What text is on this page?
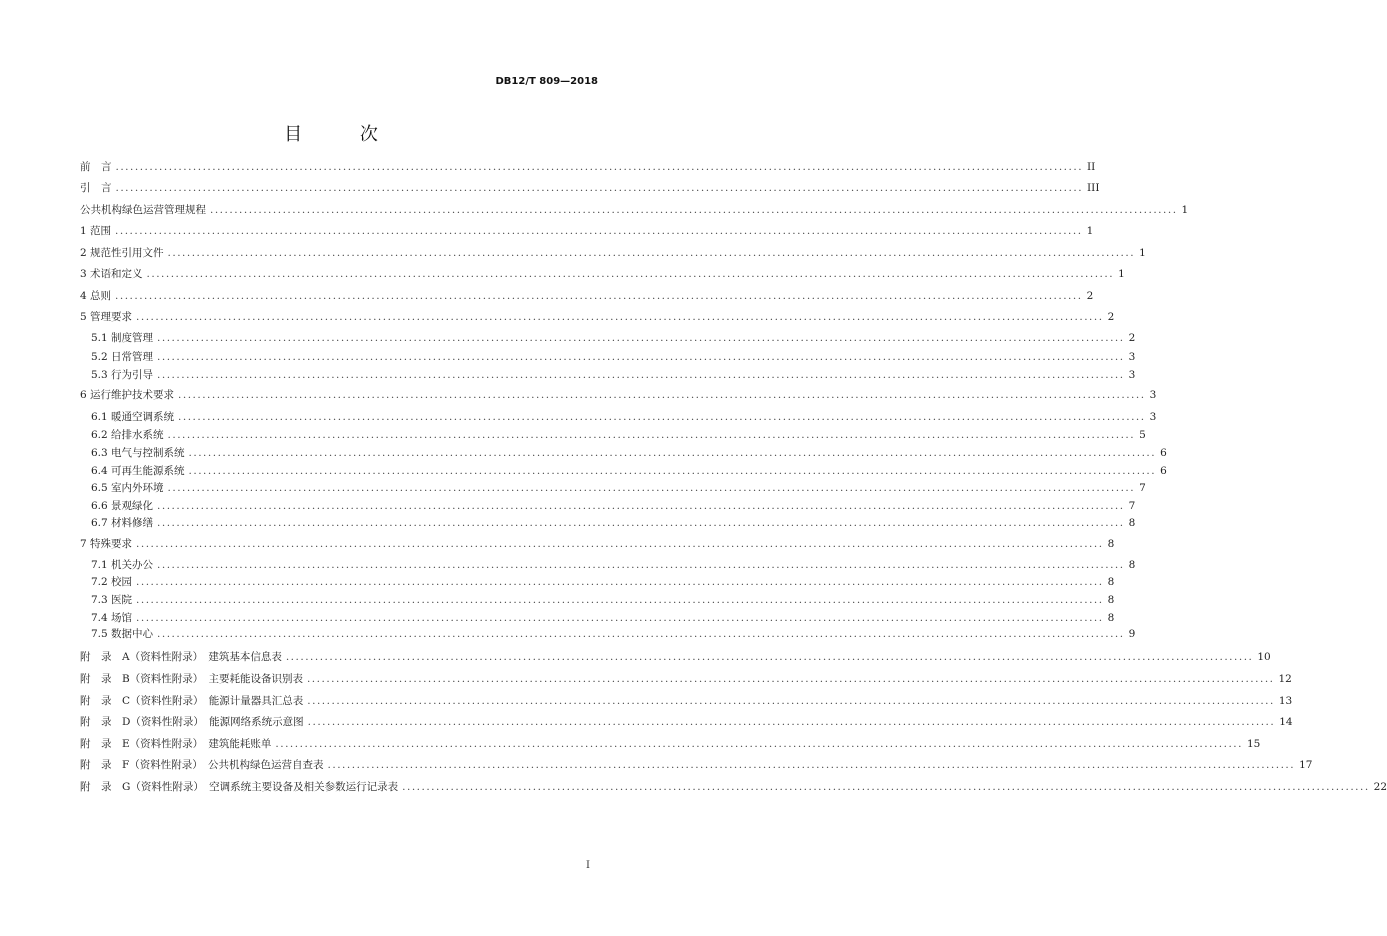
DB12/T 809—2018
目 次
前　言 ........................................................................................................................................................................................................ II
引　言 ........................................................................................................................................................................................................ III
公共机构绿色运营管理规程 ........................................................................................................................................................................................................ 1
1 范围 ........................................................................................................................................................................................................ 1
2 规范性引用文件 ........................................................................................................................................................................................................ 1
3 术语和定义 ........................................................................................................................................................................................................ 1
4 总则 ........................................................................................................................................................................................................ 2
5 管理要求 ........................................................................................................................................................................................................ 2
5.1 制度管理 ........................................................................................................................................................................................................ 2
5.2 日常管理 ........................................................................................................................................................................................................ 3
5.3 行为引导 ........................................................................................................................................................................................................ 3
6 运行维护技术要求 ........................................................................................................................................................................................................ 3
6.1 暖通空调系统 ........................................................................................................................................................................................................ 3
6.2 给排水系统 ........................................................................................................................................................................................................ 5
6.3 电气与控制系统 ........................................................................................................................................................................................................ 6
6.4 可再生能源系统 ........................................................................................................................................................................................................ 6
6.5 室内外环境 ........................................................................................................................................................................................................ 7
6.6 景观绿化 ........................................................................................................................................................................................................ 7
6.7 材料修缮 ........................................................................................................................................................................................................ 8
7 特殊要求 ........................................................................................................................................................................................................ 8
7.1 机关办公 ........................................................................................................................................................................................................ 8
7.2 校园 ........................................................................................................................................................................................................ 8
7.3 医院 ........................................................................................................................................................................................................ 8
7.4 场馆 ........................................................................................................................................................................................................ 8
7.5 数据中心 ........................................................................................................................................................................................................ 9
附　录　A（资料性附录）　建筑基本信息表 ........................................................................................................................................................................................................ 10
附　录　B（资料性附录）　主要耗能设备识别表 ........................................................................................................................................................................................................ 12
附　录　C（资料性附录）　能源计量器具汇总表 ........................................................................................................................................................................................................ 13
附　录　D（资料性附录）　能源网络系统示意图 ........................................................................................................................................................................................................ 14
附　录　E（资料性附录）　建筑能耗账单 ........................................................................................................................................................................................................ 15
附　录　F（资料性附录）　公共机构绿色运营自查表 ........................................................................................................................................................................................................ 17
附　录　G（资料性附录）　空调系统主要设备及相关参数运行记录表 ........................................................................................................................................................................................................ 22
I
